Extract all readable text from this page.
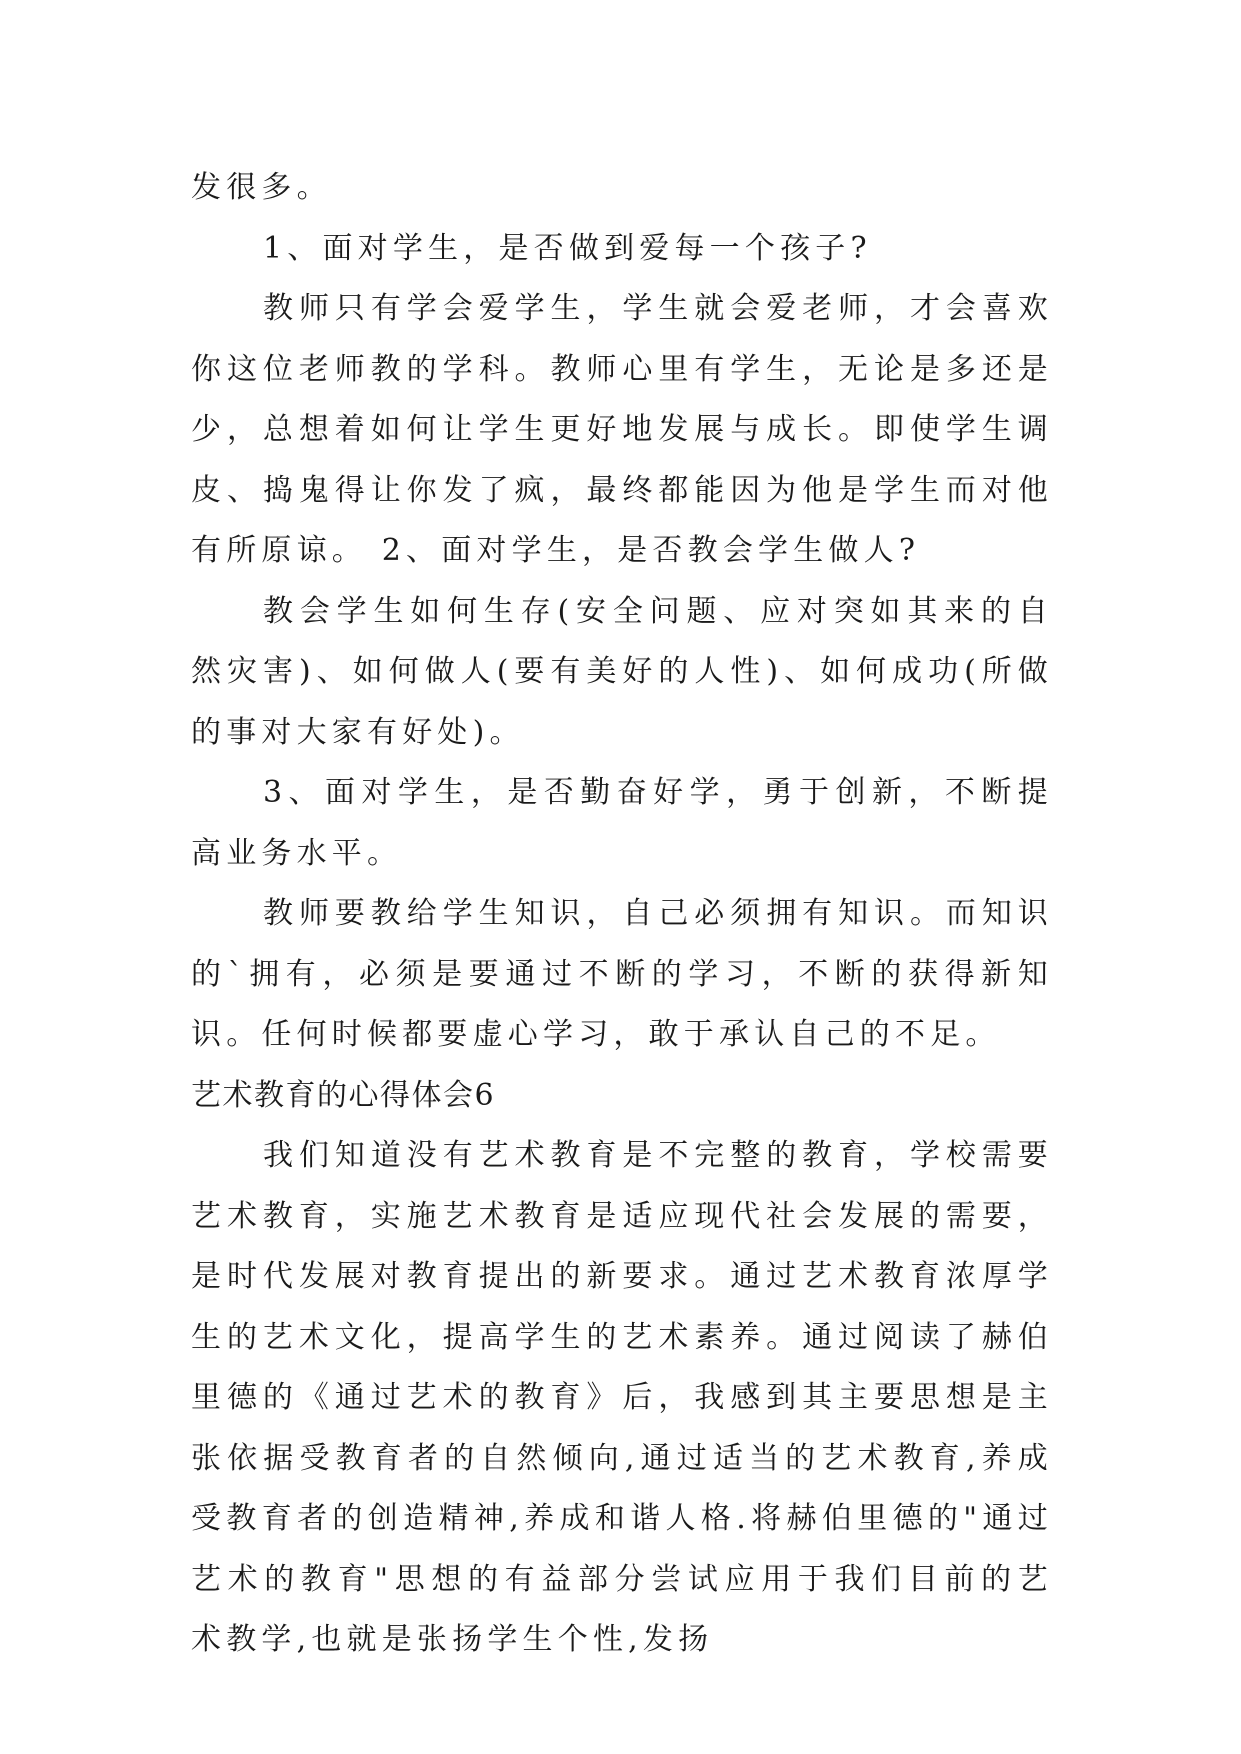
发很多。

1、面对学生，是否做到爱每一个孩子?

教师只有学会爱学生，学生就会爱老师，才会喜欢你这位老师教的学科。教师心里有学生，无论是多还是少，总想着如何让学生更好地发展与成长。即使学生调皮、捣鬼得让你发了疯，最终都能因为他是学生而对他有所原谅。 2、面对学生，是否教会学生做人?

教会学生如何生存(安全问题、应对突如其来的自然灾害)、如何做人(要有美好的人性)、如何成功(所做的事对大家有好处)。

3、面对学生，是否勤奋好学，勇于创新，不断提高业务水平。

教师要教给学生知识，自己必须拥有知识。而知识的`拥有，必须是要通过不断的学习，不断的获得新知识。任何时候都要虚心学习，敢于承认自己的不足。

艺术教育的心得体会6

我们知道没有艺术教育是不完整的教育，学校需要艺术教育，实施艺术教育是适应现代社会发展的需要，是时代发展对教育提出的新要求。通过艺术教育浓厚学生的艺术文化，提高学生的艺术素养。通过阅读了赫伯里德的《通过艺术的教育》后，我感到其主要思想是主张依据受教育者的自然倾向,通过适当的艺术教育,养成受教育者的创造精神,养成和谐人格.将赫伯里德的"通过艺术的教育"思想的有益部分尝试应用于我们目前的艺术教学,也就是张扬学生个性,发扬
